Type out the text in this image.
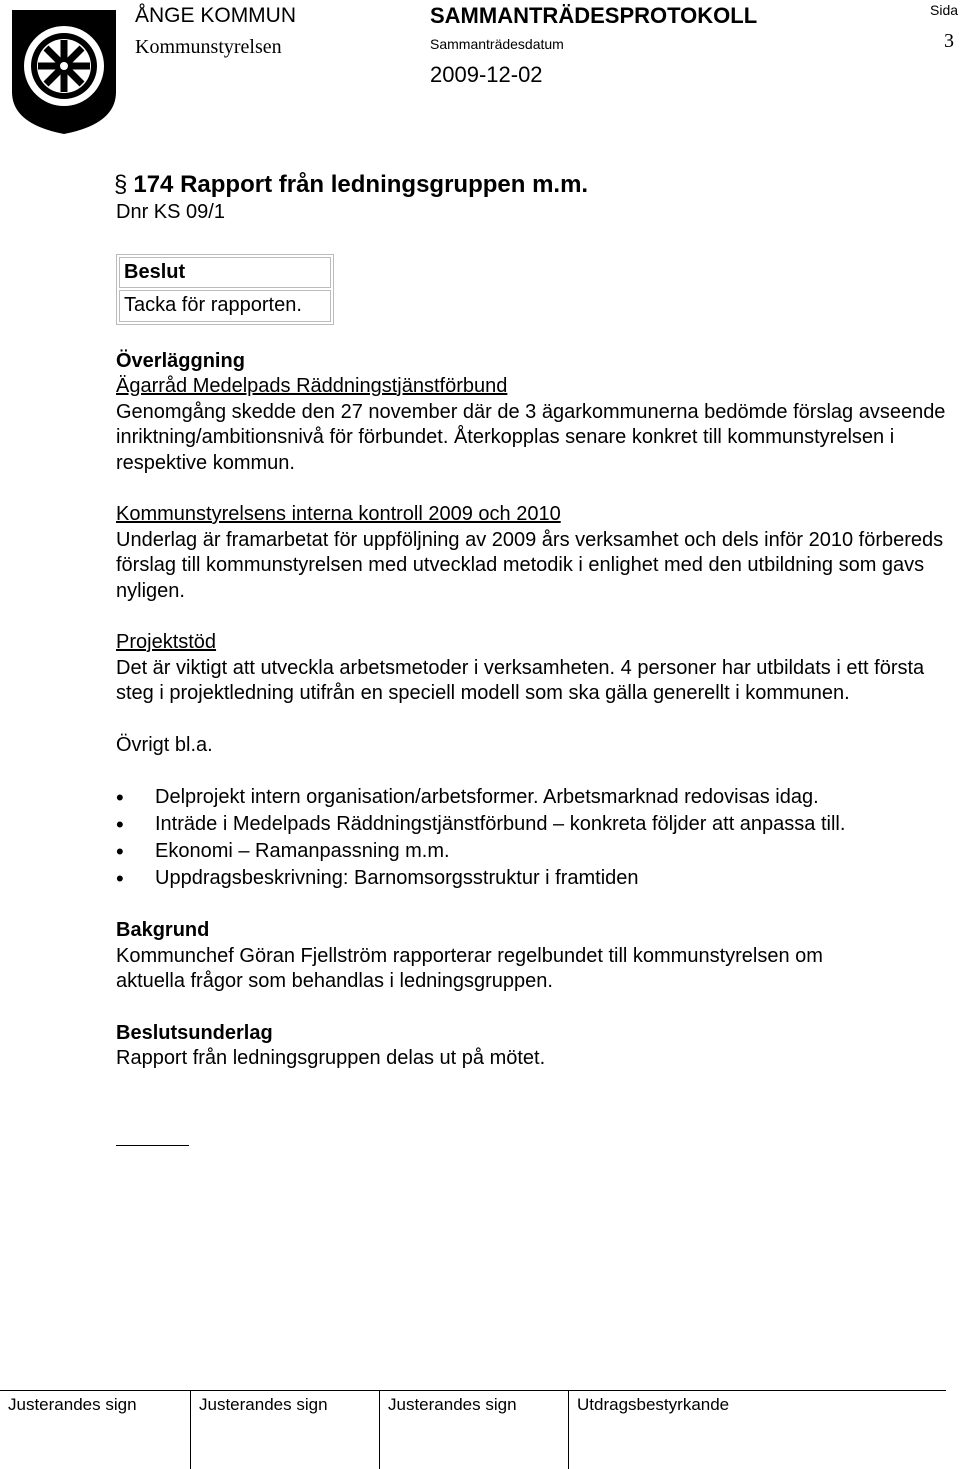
ÅNGE KOMMUN
Kommunstyrelsen
SAMMANTRÄDESPROTOKOLL
Sammanträdesdatum
2009-12-02
Sida
3
§ 174 Rapport från ledningsgruppen m.m.

Dnr KS 09/1

Beslut
Tacka för rapporten.

Överläggning

Ägarråd Medelpads Räddningstjänstförbund

Genomgång skedde den 27 november där de 3 ägarkommunerna bedömde förslag avseende inriktning/ambitionsnivå för förbundet. Återkopplas senare konkret till kommunstyrelsen i respektive kommun.

Kommunstyrelsens interna kontroll 2009 och 2010

Underlag är framarbetat för uppföljning av 2009 års verksamhet och dels inför 2010 förbereds förslag till kommunstyrelsen med utvecklad metodik i enlighet med den utbildning som gavs nyligen.

Projektstöd

Det är viktigt att utveckla arbetsmetoder i verksamheten. 4 personer har utbildats i ett första steg i projektledning utifrån en speciell modell som ska gälla generellt i kommunen.

Övrigt bl.a.

• Delprojekt intern organisation/arbetsformer. Arbetsmarknad redovisas idag.
• Inträde i Medelpads Räddningstjänstförbund – konkreta följder att anpassa till.
• Ekonomi – Ramanpassning m.m.
• Uppdragsbeskrivning: Barnomsorgsstruktur i framtiden

Bakgrund

Kommunchef Göran Fjellström rapporterar regelbundet till kommunstyrelsen om aktuella frågor som behandlas i ledningsgruppen.

Beslutsunderlag

Rapport från ledningsgruppen delas ut på mötet.

Justerandes sign	Justerandes sign	Justerandes sign	Utdragsbestyrkande
